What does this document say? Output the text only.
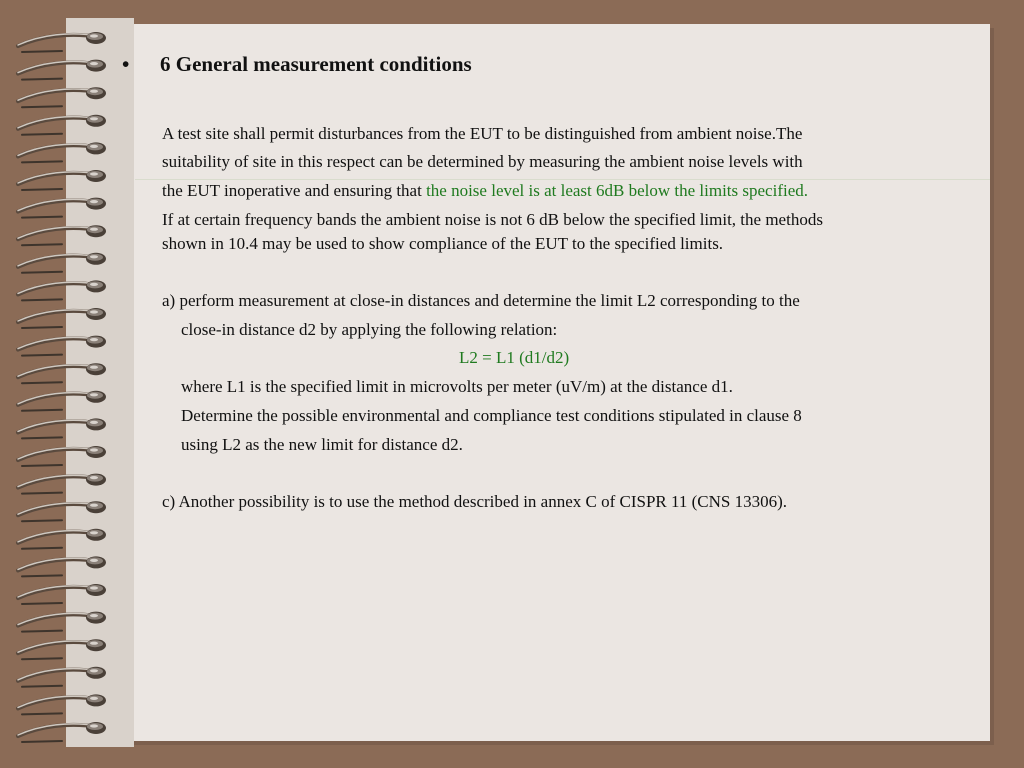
• 6 General measurement conditions
A test site shall permit disturbances from the EUT to be distinguished from ambient noise.The
suitability of site in this respect can be determined by measuring the ambient noise levels with
the EUT inoperative and ensuring that the noise level is at least 6dB below the limits specified.
If at certain frequency bands the ambient noise is not 6 dB below the specified limit, the methods
shown in 10.4 may be used to show compliance of the EUT to the specified limits.
a) perform measurement at close-in distances and determine the limit L2 corresponding to the
close-in distance d2 by applying the following relation:
L2 = L1 (d1/d2)
where L1 is the specified limit in microvolts per meter (uV/m) at the distance d1.
Determine the possible environmental and compliance test conditions stipulated in clause 8
using L2 as the new limit for distance d2.
c) Another possibility is to use the method described in annex C of CISPR 11 (CNS 13306).
